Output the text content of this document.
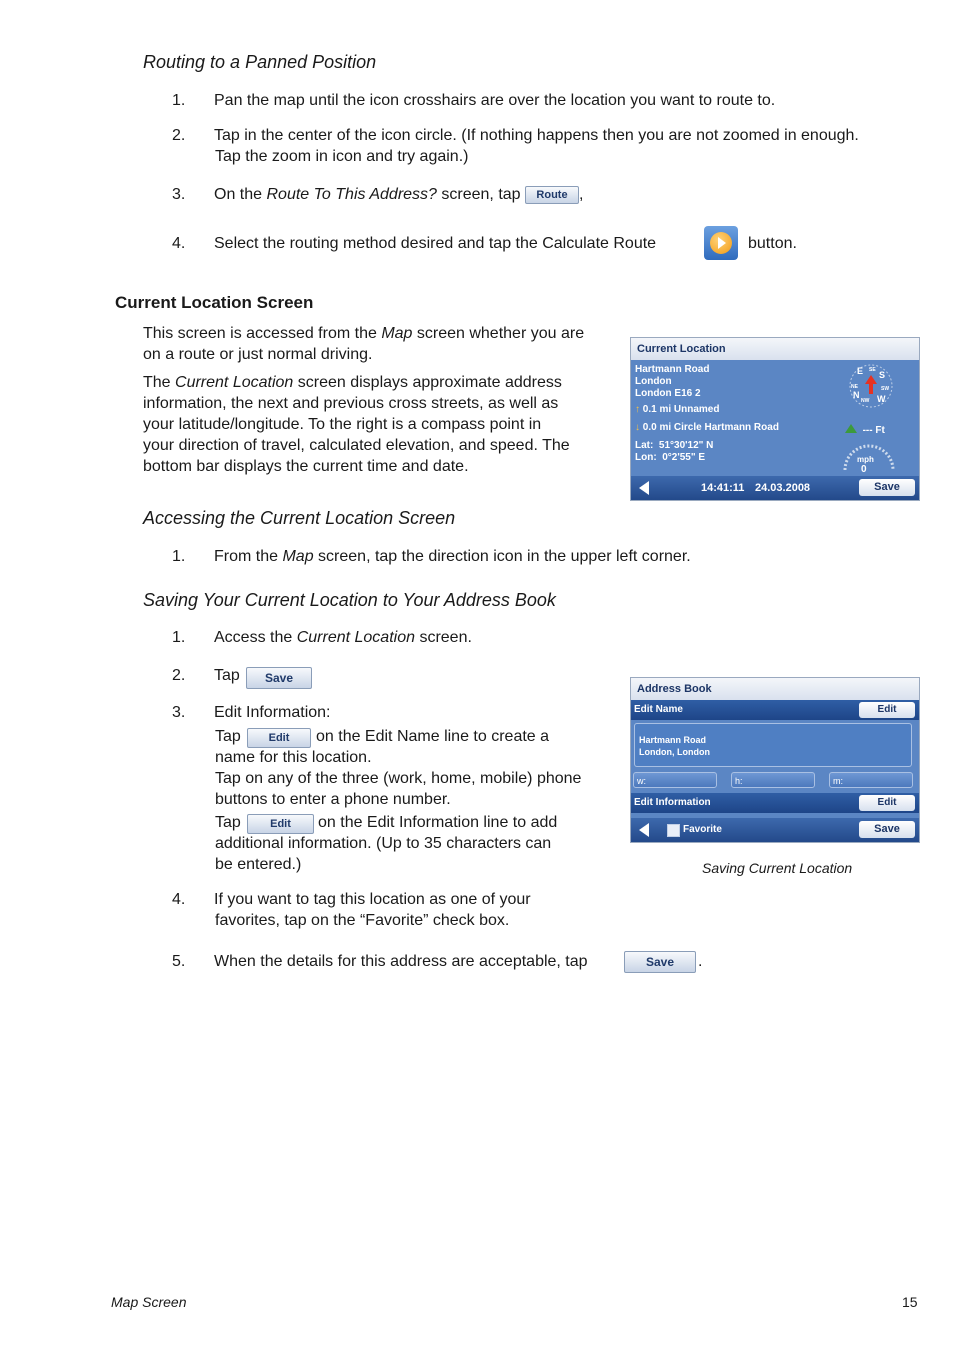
Routing to a Panned Position
1. Pan the map until the icon crosshairs are over the location you want to route to.
2. Tap in the center of the icon circle. (If nothing happens then you are not zoomed in enough.
Tap the zoom in icon and try again.)
3. On the Route To This Address? screen, tap Route ,
4. Select the routing method desired and tap the Calculate Route	button.
Current Location Screen
This screen is accessed from the Map screen whether you are
on a route or just normal driving.
The Current Location screen displays approximate address
information, the next and previous cross streets, as well as
your latitude/longitude. To the right is a compass point in
your direction of travel, calculated elevation, and speed. The
bottom bar displays the current time and date.
Current Location
Hartmann Road
London
London E16 2
↑ 0.1 mi Unnamed
↓ 0.0 mi Circle Hartmann Road
Lat: 51°30'12" N
Lon: 0°2'55" E
E S
N W
SE
SW
NE
NW
--- Ft
mph
0
14:41:11 24.03.2008	Save
Accessing the Current Location Screen
1. From the Map screen, tap the direction icon in the upper left corner.
Saving Your Current Location to Your Address Book
1. Access the Current Location screen.
2. Tap	Save
3. Edit Information:
Tap	Edit	on the Edit Name line to create a
name for this location.
Tap on any of the three (work, home, mobile) phone
buttons to enter a phone number.
Tap	Edit	on the Edit Information line to add
additional information. (Up to 35 characters can
be entered.)
4. If you want to tag this location as one of your
favorites, tap on the “Favorite” check box.
5. When the details for this address are acceptable, tap	Save	.
Address Book
Edit Name	Edit
Hartmann Road
London, London
w:	h:	m:
Edit Information	Edit
Favorite	Save
Saving Current Location
Map Screen	15
